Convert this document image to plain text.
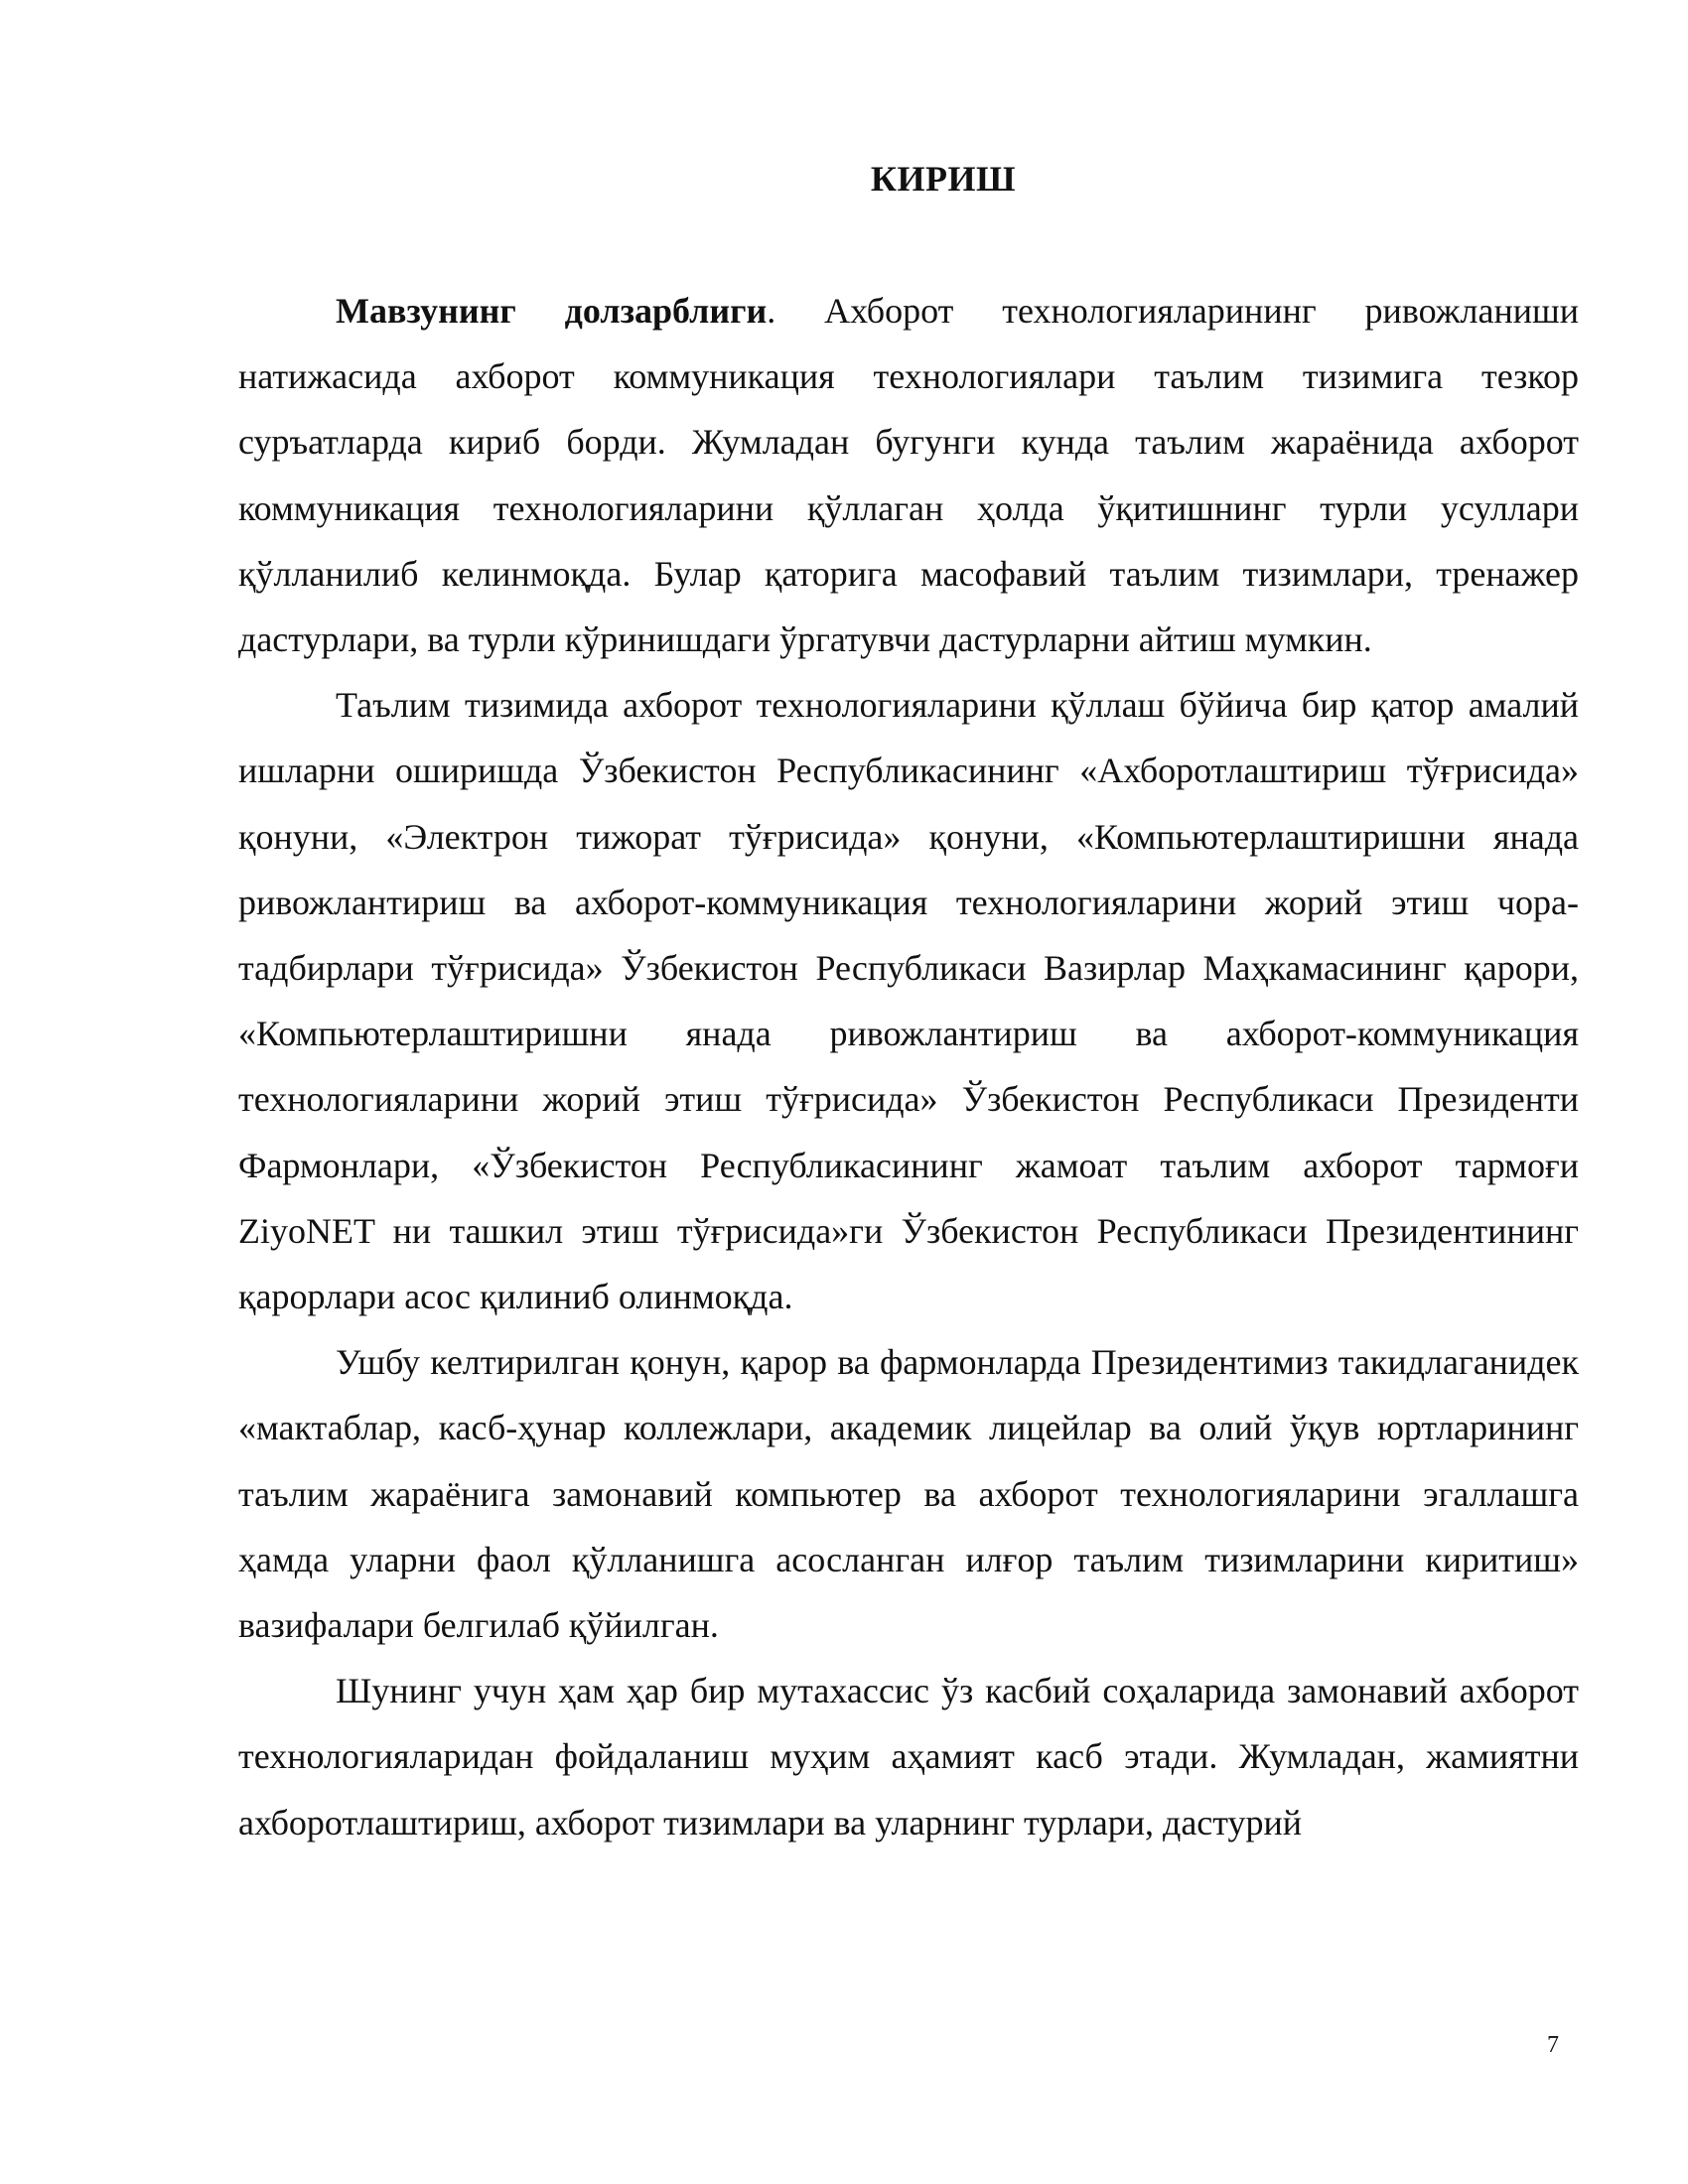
КИРИШ

Мавзунинг долзарблиги. Ахборот технологияларининг ривожланиши натижасида ахборот коммуникация технологиялари таълим тизимига тезкор суръатларда кириб борди. Жумладан бугунги кунда таълим жараёнида ахборот коммуникация технологияларини қўллаган ҳолда ўқитишнинг турли усуллари қўлланилиб келинмоқда. Булар қаторига масофавий таълим тизимлари, тренажер дастурлари, ва турли кўринишдаги ўргатувчи дастурларни айтиш мумкин.

Таълим тизимида ахборот технологияларини қўллаш бўйича бир қатор амалий ишларни оширишда Ўзбекистон Республикасининг «Ахборотлаштириш тўғрисида» қонуни, «Электрон тижорат тўғрисида» қонуни, «Компьютерлаштиришни янада ривожлантириш ва ахборот-коммуникация технологияларини жорий этиш чора-тадбирлари тўғрисида» Ўзбекистон Республикаси Вазирлар Маҳкамасининг қарори, «Компьютерлаштиришни янада ривожлантириш ва ахборот-коммуникация технологияларини жорий этиш тўғрисида» Ўзбекистон Республикаси Президенти Фармонлари, «Ўзбекистон Республикасининг жамоат таълим ахборот тармоғи ZiyoNET ни ташкил этиш тўғрисида»ги Ўзбекистон Республикаси Президентининг қарорлари асос қилиниб олинмоқда.

Ушбу келтирилган қонун, қарор ва фармонларда Президентимиз такидлаганидек «мактаблар, касб-ҳунар коллежлари, академик лицейлар ва олий ўқув юртларининг таълим жараёнига замонавий компьютер ва ахборот технологияларини эгаллашга ҳамда уларни фаол қўлланишга асосланган илғор таълим тизимларини киритиш» вазифалари белгилаб қўйилган.

Шунинг учун ҳам ҳар бир мутахассис ўз касбий соҳаларида замонавий ахборот технологияларидан фойдаланиш муҳим аҳамият касб этади. Жумладан, жамиятни ахборотлаштириш, ахборот тизимлари ва уларнинг турлари, дастурий

7
